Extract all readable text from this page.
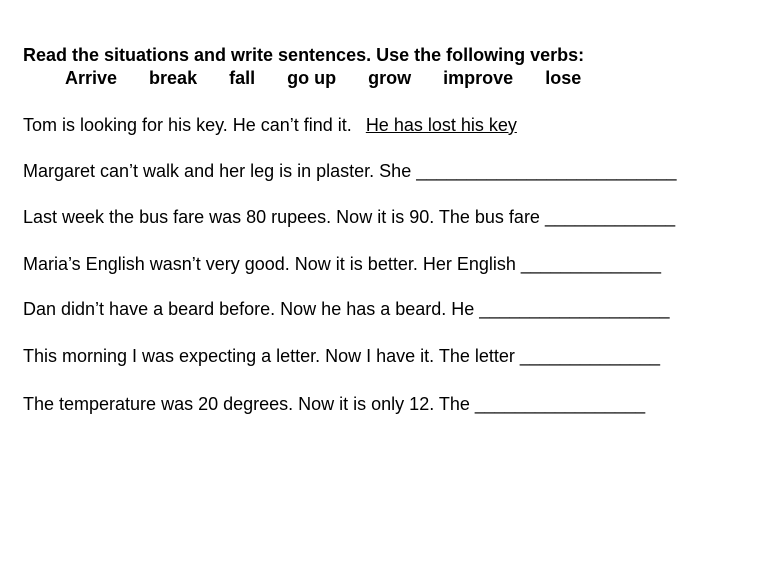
Read the situations and write sentences. Use the following verbs:
Arrive break fall go up grow improve lose
Tom is looking for his key. He can’t find it. He has lost his key
Margaret can’t walk and her leg is in plaster. She __________________________
Last week the bus fare was 80 rupees. Now it is 90. The bus fare _____________
Maria’s English wasn’t very good. Now it is better. Her English ______________
Dan didn’t have a beard before. Now he has a beard. He ___________________
This morning I was expecting a letter. Now I have it. The letter ______________
The temperature was 20 degrees. Now it is only 12. The _________________
